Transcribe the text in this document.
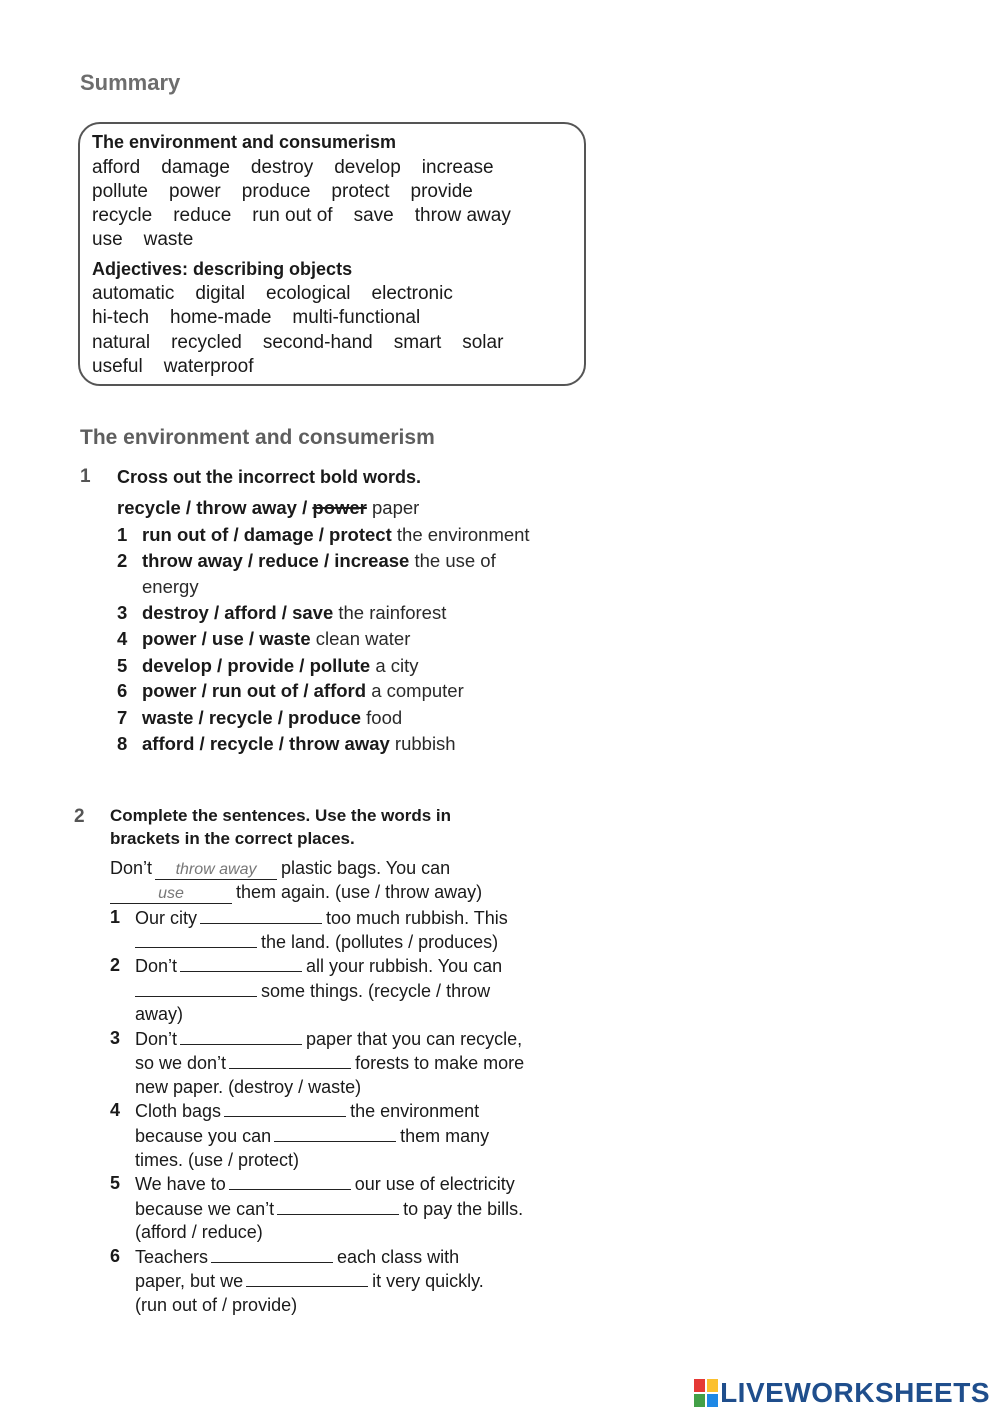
Summary
The environment and consumerism
afford damage destroy develop increase
pollute power produce protect provide
recycle reduce run out of save throw away
use waste
Adjectives: describing objects
automatic digital ecological electronic
hi-tech home-made multi-functional
natural recycled second-hand smart solar
useful waterproof
The environment and consumerism
1 Cross out the incorrect bold words.
recycle / throw away / power paper
1 run out of / damage / protect the environment
2 throw away / reduce / increase the use of
energy
3 destroy / afford / save the rainforest
4 power / use / waste clean water
5 develop / provide / pollute a city
6 power / run out of / afford a computer
7 waste / recycle / produce food
8 afford / recycle / throw away rubbish
2 Complete the sentences. Use the words in
brackets in the correct places.
Don’t throw away plastic bags. You can
use	them again. (use / throw away)
1 Our city	too much rubbish. This
the land. (pollutes / produces)
2 Don’t	all your rubbish. You can
some things. (recycle / throw
away)
3 Don’t	paper that you can recycle,
so we don’t	forests to make more
new paper. (destroy / waste)
4 Cloth bags	the environment
because you can	them many
times. (use / protect)
5 We have to	our use of electricity
because we can’t	to pay the bills.
(afford / reduce)
6 Teachers	each class with
paper, but we	it very quickly.
(run out of / provide)
LIVEWORKSHEETS
